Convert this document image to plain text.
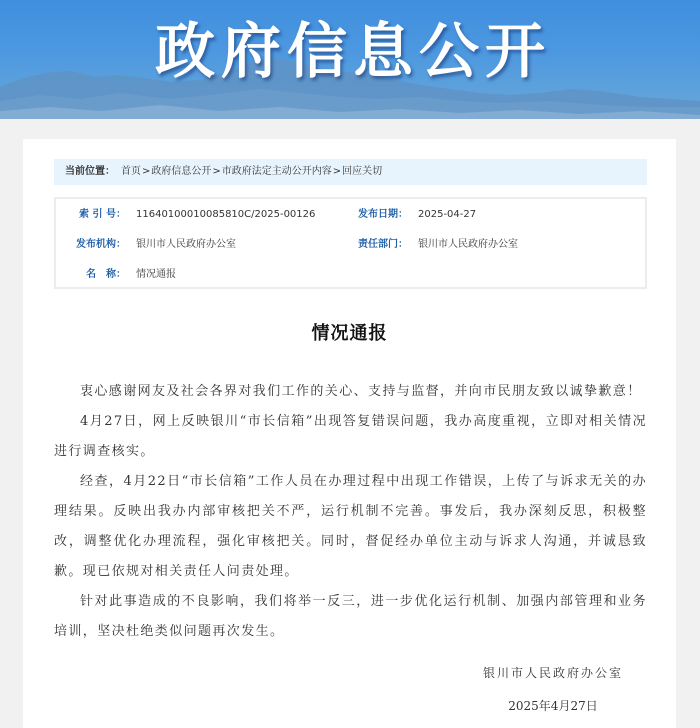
政府信息公开
当前位置： 首页>政府信息公开>市政府法定主动公开内容>回应关切
索 引 号： 11640100010085810C/2025-00126	发布日期： 2025-04-27
发布机构： 银川市人民政府办公室	责任部门： 银川市人民政府办公室
名　称： 情况通报
情况通报

衷心感谢网友及社会各界对我们工作的关心、支持与监督，并向市民朋友致以诚挚歉意！

4月27日，网上反映银川“市长信箱”出现答复错误问题，我办高度重视，立即对相关情况进行调查核实。

经查，4月22日“市长信箱”工作人员在办理过程中出现工作错误，上传了与诉求无关的办理结果。反映出我办内部审核把关不严，运行机制不完善。事发后，我办深刻反思，积极整改，调整优化办理流程，强化审核把关。同时，督促经办单位主动与诉求人沟通，并诚恳致歉。现已依规对相关责任人问责处理。

针对此事造成的不良影响，我们将举一反三，进一步优化运行机制、加强内部管理和业务培训，坚决杜绝类似问题再次发生。

银川市人民政府办公室
2025年4月27日
